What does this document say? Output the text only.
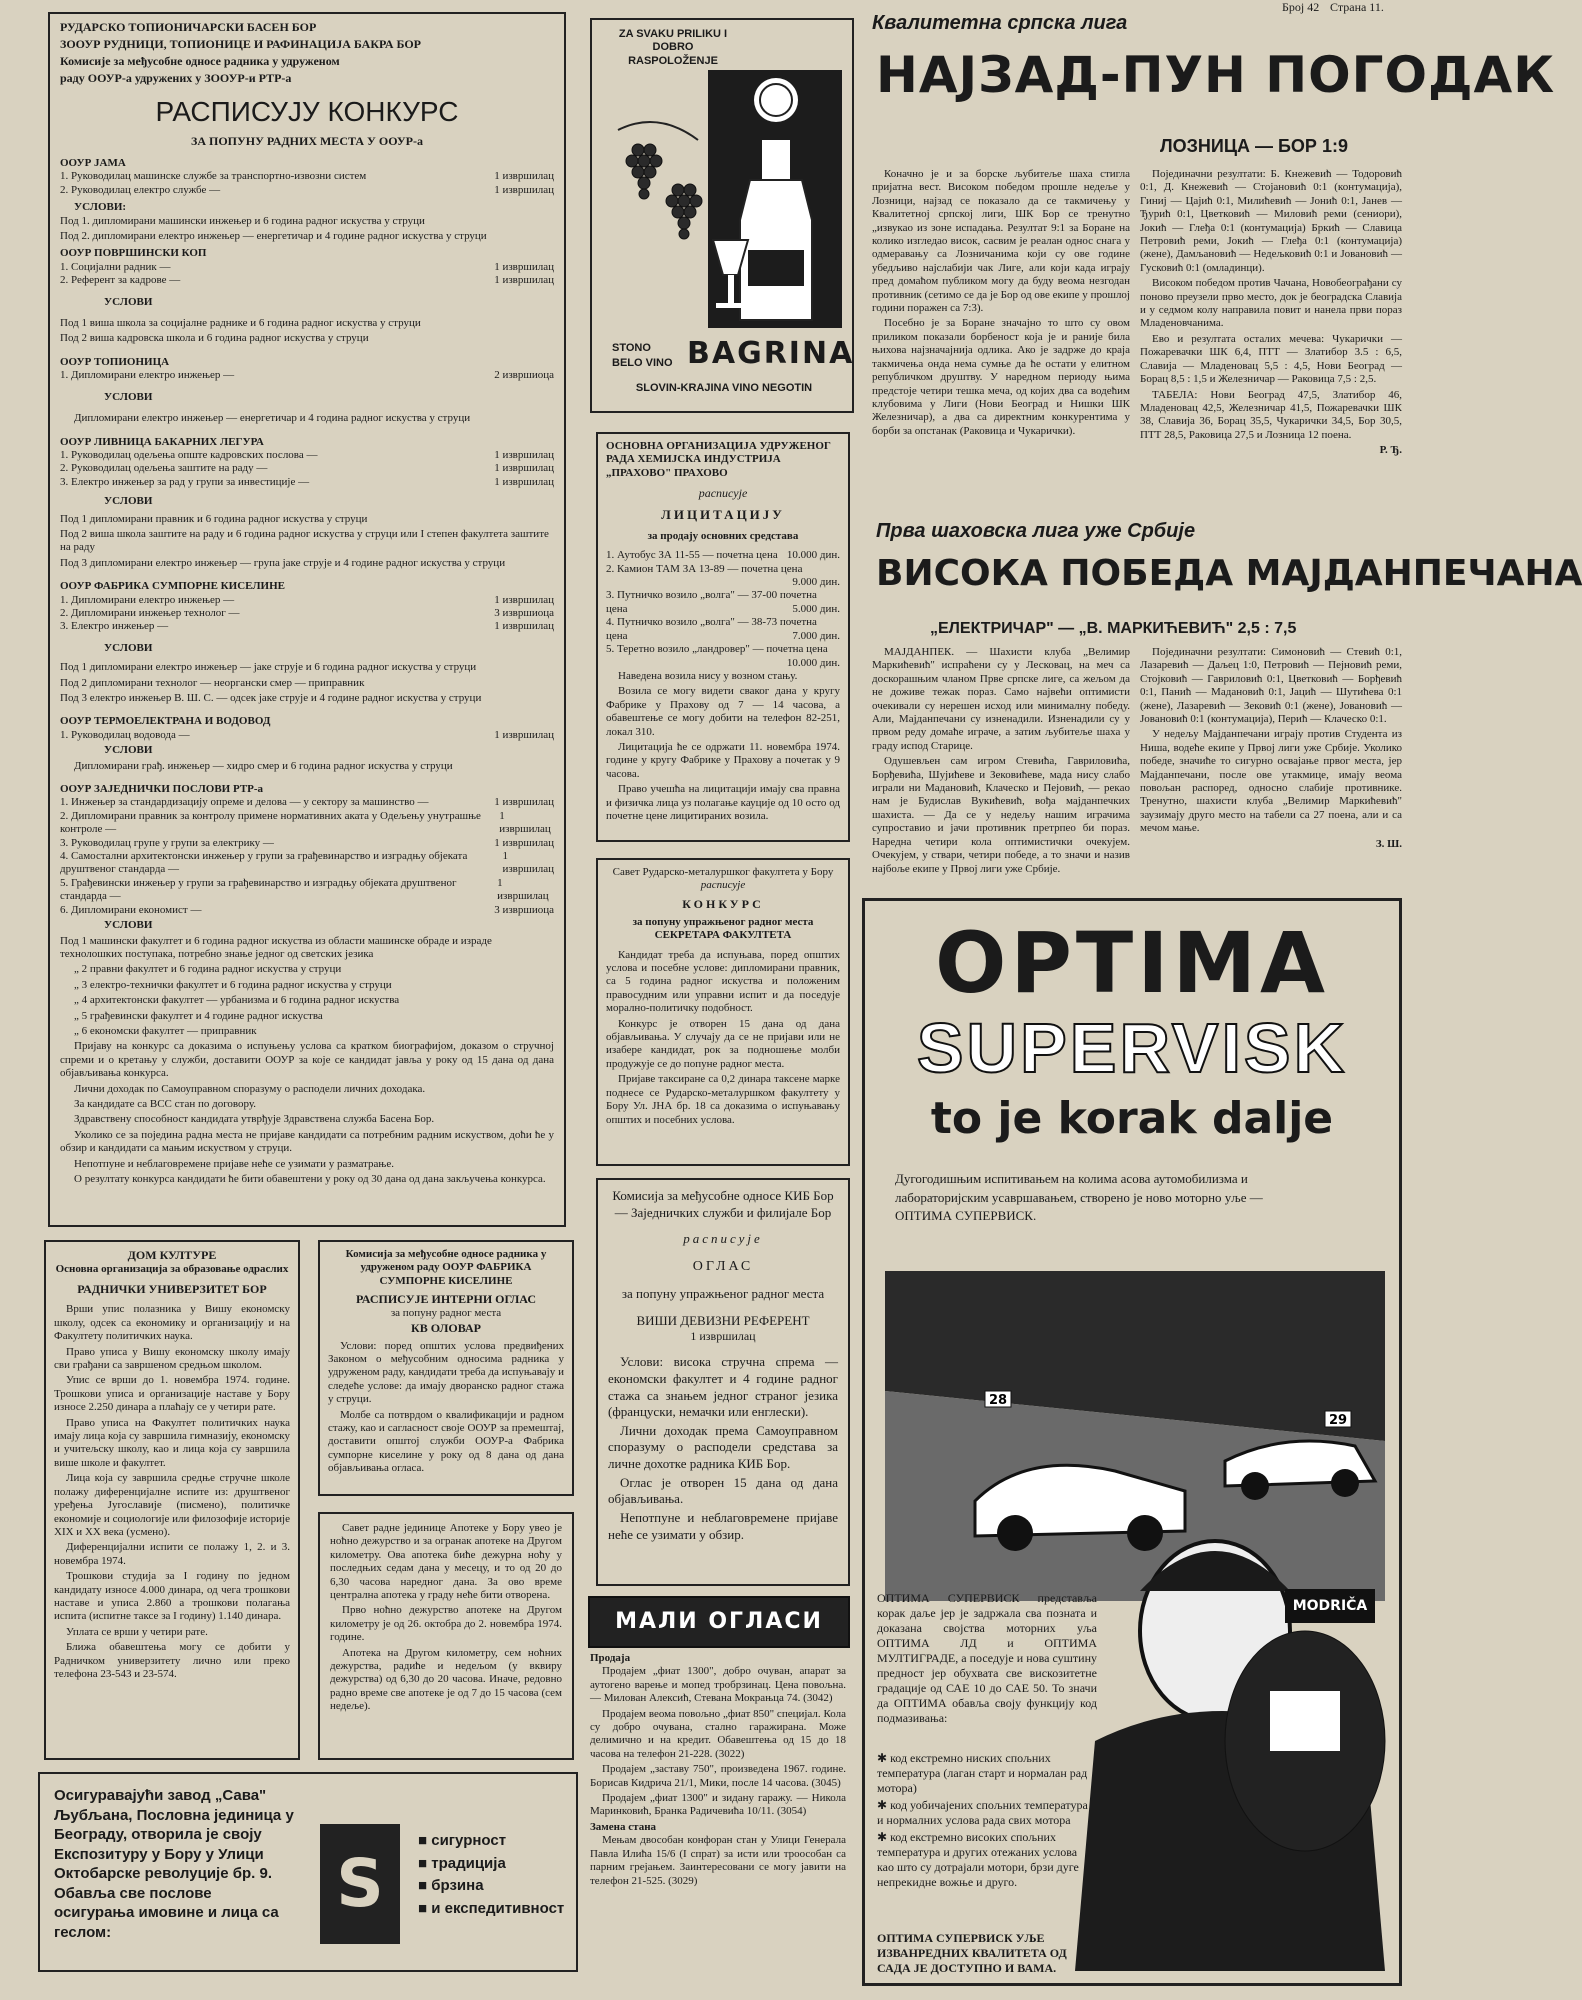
Број 42 Страна 11.

РУДАРСКО ТОПИОНИЧАРСКИ БАСЕН БОР

ЗООУР РУДНИЦИ, ТОПИОНИЦЕ И РАФИНАЦИЈА БАКРА БОР

Комисије за међусобне односе радника у удруженом

раду ООУР-а удружених у ЗООУР-и РТР-а

РАСПИСУЈУ КОНКУРС
ЗА ПОПУНУ РАДНИХ МЕСТА У ООУР-а
ООУР ЈАМА
1. Руководилац машинске службе за транспортно-извозни систем	1 извршилац
2. Руководилац електро службе —	1 извршилац
УСЛОВИ:

Под 1. дипломирани машински инжењер и 6 година радног искуства у струци

Под 2. дипломирани електро инжењер — енергетичар и 4 године радног искуства у струци

ООУР ПОВРШИНСКИ КОП
1. Социјални радник —	1 извршилац
2. Референт за кадрове —	1 извршилац
УСЛОВИ

Под 1 виша школа за социјалне раднике и 6 година радног искуства у струци

Под 2 виша кадровска школа и 6 година радног искуства у струци

ООУР ТОПИОНИЦА
1. Дипломирани електро инжењер —	2 извршиоца
УСЛОВИ

Дипломирани електро инжењер — енергетичар и 4 година радног искуства у струци

ООУР ЛИВНИЦА БАКАРНИХ ЛЕГУРА
1. Руководилац одељења опште кадровских послова —	1 извршилац
2. Руководилац одељења заштите на раду —	1 извршилац
3. Електро инжењер за рад у групи за инвестиције —	1 извршилац
УСЛОВИ

Под 1 дипломирани правник и 6 година радног искуства у струци

Под 2 виша школа заштите на раду и 6 година радног искуства у струци или I степен факултета заштите на раду

Под 3 дипломирани електро инжењер — група јаке струје и 4 године радног искуства у струци

ООУР ФАБРИКА СУМПОРНЕ КИСЕЛИНЕ
1. Дипломирани електро инжењер —	1 извршилац
2. Дипломирани инжењер технолог —	3 извршиоца
3. Електро инжењер —	1 извршилац
УСЛОВИ

Под 1 дипломирани електро инжењер — јаке струје и 6 година радног искуства у струци

Под 2 дипломирани технолог — неоргански смер — приправник

Под 3 електро инжењер В. Ш. С. — одсек јаке струје и 4 године радног искуства у струци

ООУР ТЕРМОЕЛЕКТРАНА И ВОДОВОД
1. Руководилац водовода —	1 извршилац
УСЛОВИ

Дипломирани грађ. инжењер — хидро смер и 6 година радног искуства у струци

ООУР ЗАЈЕДНИЧКИ ПОСЛОВИ РТР-а
1. Инжењер за стандардизацију опреме и делова — у сектору за машинство —	1 извршилац
2. Дипломирани правник за контролу примене нормативних аката у Одељењу унутрашње контроле —
1 извршилац
3. Руководилац групе у групи за електрику —	1 извршилац
4. Самостални архитектонски инжењер у групи за грађевинарство и изградњу објеката друштвеног стандарда —
1 извршилац
5. Грађевински инжењер у групи за грађевинарство и изградњу објеката друштвеног стандарда —
1 извршилац
6. Дипломирани економист —	3 извршиоца
УСЛОВИ

Под 1 машински факултет и 6 година радног искуства из области машинске обраде и израде технолошких поступака, потребно знање једног од светских језика

„ 2 правни факултет и 6 година радног искуства у струци

„ 3 електро-технички факултет и 6 година радног искуства у струци

„ 4 архитектонски факултет — урбанизма и 6 година радног искуства

„ 5 грађевински факултет и 4 године радног искуства

„ 6 економски факултет — приправник

Пријаву на конкурс са доказима о испуњењу услова са кратком биографијом, доказом о стручној спреми и о кретању у служби, доставити ООУР за које се кандидат јавља у року од 15 дана од дана објављивања конкурса.

Лични доходак по Самоуправном споразуму о расподели личних доходака.

За кандидате са ВСС стан по договору.

Здравствену способност кандидата утврђује Здравствена служба Басена Бор.

Уколико се за поједина радна места не пријаве кандидати са потребним радним искуством, доћи ће у обзир и кандидати са мањим искуством у струци.

Непотпуне и неблаговремене пријаве неће се узимати у разматрање.

О резултату конкурса кандидати ће бити обавештени у року од 30 дана од дана закључења конкурса.

ZA SVAKU PRILIKU I DOBRO RASPOLOŽENJE
STONO
BELO VINO BAGRINA
SLOVIN-KRAJINA VINO NEGOTIN
ОСНОВНА ОРГАНИЗАЦИЈА УДРУЖЕНОГ РАДА ХЕМИЈСКА ИНДУСТРИЈА „ПРАХОВО" ПРАХОВО
расписује
ЛИЦИТАЦИЈУ
за продају основних средстава
1. Аутобус ЗА 11-55 — почетна цена 10.000 дин.
2. Камион ТАМ ЗА 13-89 — почетна цена
9.000 дин.
3. Путничко возило „волга" — 37-00 почетна цена	5.000 дин.
4. Путничко возило „волга" — 38-73 почетна цена	7.000 дин.
5. Теретно возило „ландровер" — почетна цена
10.000 дин.

Наведена возила нису у возном стању.

Возила се могу видети сваког дана у кругу Фабрике у Прахову од 7 — 14 часова, а обавештење се могу добити на телефон 82-251, локал 310.

Лицитација ће се одржати 11. новембра 1974. године у кругу Фабрике у Прахову а почетак у 9 часова.

Право учешћа на лицитацији имају сва правна и физичка лица уз полагање кауције од 10 осто од почетне цене лицитираних возила.

Савет Рударско-металуршког факултета у Бору
расписује
КОНКУРС
за попуну упражњеног радног места СЕКРЕТАРА ФАКУЛТЕТА

Кандидат треба да испуњава, поред општих услова и посебне услове: дипломирани правник, са 5 година радног искуства и положеним правосудним или управни испит и да поседује морално-политичку подобност.

Конкурс је отворен 15 дана од дана објављивања. У случају да се не пријави или не изабере кандидат, рок за подношење молби продужује се до попуне радног места.

Пријаве таксиране са 0,2 динара таксене марке поднесе се Рударско-металуршком факултету у Бору Ул. ЈНА бр. 18 са доказима о испуњавању општих и посебних услова.

Комисија за међусобне односе КИБ Бор — Заједничких служби и филијале Бор
расписује
ОГЛАС
за попуну упражњеног радног места
ВИШИ ДЕВИЗНИ РЕФЕРЕНТ
1 извршилац

Услови: висока стручна спрема — економски факултет и 4 године радног стажа са знањем једног страног језика (француски, немачки или енглески).

Лични доходак према Самоуправном споразуму о расподели средстава за личне дохотке радника КИБ Бор.

Оглас је отворен 15 дана од дана објављивања.

Непотпуне и неблаговремене пријаве неће се узимати у обзир.

Квалитетна српска лига
НАЈЗАД-ПУН ПОГОДАК
ЛОЗНИЦА — БОР 1:9

Коначно је и за борске љубитеље шаха стигла пријатна вест. Високом победом прошле недеље у Лозници, најзад се показало да се такмичењу у Квалитетној српској лиги, ШК Бор се тренутно „извукао из зоне испадања. Резултат 9:1 за Боране на колико изгледао висок, сасвим је реалан однос снага у одмеравању са Лозничанима који су ове године убедљиво најслабији чак Лиге, али који када играју пред домаћом публиком могу да буду веома незгодан противник (сетимо се да је Бор од ове екипе у прошлој години поражен са 7:3).

Посебно је за Боране значајно то што су овом приликом показали борбеност која је и раније била њихова најзначајнија одлика. Ако је задрже до краја такмичења онда нема сумње да ће остати у елитном републичком друштву. У наредном периоду њима предстоје четири тешка меча, од којих два са водећим клубовима у Лиги (Нови Београд и Нишки ШК Железничар), а два са директним конкурентима у борби за опстанак (Раковица и Чукарички).

Појединачни резултати: Б. Кнежевић — Тодоровић 0:1, Д. Кнежевић — Стојановић 0:1 (контумација), Гиниј — Цајић 0:1, Милићевић — Јонић 0:1, Јанев — Ђурић 0:1, Цветковић — Миловић реми (сениори), Јокић — Глеђа 0:1 (контумација) Бркић — Славица Петровић реми, Јокић — Глеђа 0:1 (контумација) (жене), Дамљановић — Недељковић 0:1 и Јовановић — Гусковић 0:1 (омладинци).

Високом победом против Чачана, Новобеограђани су поново преузели прво место, док је београдска Славија и у седмом колу направила повит и нанела први пораз Младеновчанима.

Ево и резултата осталих мечева: Чукарички — Пожаревачки ШК 6,4, ПТТ — Златибор 3.5 : 6,5, Славија — Младеновац 5,5 : 4,5, Нови Београд — Борац 8,5 : 1,5 и Железничар — Раковица 7,5 : 2,5.

ТАБЕЛА: Нови Београд 47,5, Златибор 46, Младеновац 42,5, Железничар 41,5, Пожаревачки ШК 38, Славија 36, Борац 35,5, Чукарички 34,5, Бор 30,5, ПТТ 28,5, Раковица 27,5 и Лозница 12 поена.

Р. Ђ.

Прва шаховска лига уже Србије
ВИСОКА ПОБЕДА МАЈДАНПЕЧАНА
„ЕЛЕКТРИЧАР" — „В. МАРКИЋЕВИЋ" 2,5 : 7,5

МАЈДАНПЕК. — Шахисти клуба „Велимир Маркићевић" испраћени су у Лесковац, на меч са доскорашњим чланом Прве српске лиге, са жељом да не доживе тежак пораз. Само највећи оптимисти очекивали су нерешен исход или минималну победу. Али, Мајданпечани су изненадили. Изненадили су у првом реду домаће играче, а затим љубитеље шаха у граду испод Старице.

Одушевљен сам игром Стевића, Гавриловића, Борђевића, Шујићеве и Зековићеве, мада нису слабо играли ни Мадановић, Клаческо и Пејовић, — рекао нам је Будислав Вукићевић, вођа мајданпечких шахиста. — Да се у недељу нашим играчима супроставио и јачи противник претрпео би пораз. Наредна четири кола оптимистички очекујем. Очекујем, у ствари, четири победе, а то значи и назив најбоље екипе у Првој лиги уже Србије.

Појединачни резултати: Симоновић — Стевић 0:1, Лазаревић — Даљец 1:0, Петровић — Пејновић реми, Стојковић — Гавриловић 0:1, Цветковић — Борђевић 0:1, Панић — Мадановић 0:1, Јацић — Шутићева 0:1 (жене), Лазаревић — Зековић 0:1 (жене), Јовановић — Јовановић 0:1 (контумација), Перић — Клаческо 0:1.

У недељу Мајданпечани играју против Студента из Ниша, водеће екипе у Првој лиги уже Србије. Уколико победе, значиће то сигурно освајање првог места, јер Мајданпечани, после ове утакмице, имају веома повољан распоред, односно слабије противнике. Тренутно, шахисти клуба „Велимир Маркићевић" заузимају друго место на табели са 27 поена, али и са мечом мање.

З. Ш.

OPTIMA
SUPERVISK
to je korak dalje

Дугогодишњим испитивањем на колима асова аутомобилизма и

лабораторијским усавршавањем, створено је ново моторно уље —

ОПТИМА СУПЕРВИСК.

28
29
MODRIČA
ОПТИМА СУПЕРВИСК представља корак даље јер је задржала сва позната и доказана својства моторних уља ОПТИМА ЛД и ОПТИМА МУЛТИГРАДЕ, а поседује и нова суштину предност јер обухвата све вискозитетне градације од САЕ 10 до САЕ 50. То значи да ОПТИМА обавља своју функцију код подмазивања:

✱ код екстремно ниских спољних температура (лаган старт и нормалан рад мотора)

✱ код уобичајених спољних температура и нормалних услова рада свих мотора

✱ код екстремно високих спољних температура и других отежаних услова као што су дотрајали мотори, брзи дуге непрекидне вожње и друго.

ОПТИМА СУПЕРВИСК УЉЕ ИЗВАНРЕДНИХ КВАЛИТЕТА ОД САДА ЈЕ ДОСТУПНО И ВАМА.
ДОМ КУЛТУРЕ
Основна организација за образовање одраслих
РАДНИЧКИ УНИВЕРЗИТЕТ БОР

Врши упис полазника у Вишу економску школу, одсек са економику и организацију и на Факултету политичких наука.

Право уписа у Вишу економску школу имају сви грађани са завршеном средњом школом.

Упис се врши до 1. новембра 1974. године. Трошкови уписа и организације наставе у Бору износе 2.250 динара а плаћају се у четири рате.

Право уписа на Факултет политичких наука имају лица која су завршила гимназију, економску и учитељску школу, као и лица која су завршила више школе и факултет.

Лица која су завршила средње стручне школе полажу диференцијалне испите из: друштвеног уређења Југославије (писмено), политичке економије и социологије или филозофије историје XIX и XX века (усмено).

Диференцијални испити се полажу 1, 2. и 3. новембра 1974.

Трошкови студија за I годину по једном кандидату износе 4.000 динара, од чега трошкови наставе и уписа 2.860 а трошкови полагања испита (испитне таксе за I годину) 1.140 динара.

Уплата се врши у четири рате.

Ближа обавештења могу се добити у Радничком универзитету лично или преко телефона 23-543 и 23-574.

Комисија за међусобне односе радника у удруженом раду ООУР ФАБРИКА СУМПОРНЕ КИСЕЛИНЕ
РАСПИСУЈЕ ИНТЕРНИ ОГЛАС
за попуну радног места
КВ ОЛОВАР

Услови: поред општих услова предвиђених Законом о међусобним односима радника у удруженом раду, кандидати треба да испуњавају и следеће услове: да имају дворанско радног стажа у струци.

Молбе са потврдом о квалификацији и радном стажу, као и сагласност своје ООУР за премештај, доставити општој служби ООУР-а Фабрика сумпорне киселине у року од 8 дана од дана објављивања огласа.

Савет радне јединице Апотеке у Бору увео је ноћно дежурство и за огранак апотеке на Другом километру. Ова апотека биће дежурна ноћу у последњих седам дана у месецу, и то од 20 до 6,30 часова наредног дана. За ово време централна апотека у граду неће бити отворена.

Прво ноћно дежурство апотеке на Другом километру је од 26. октобра до 2. новембра 1974. године.

Апотека на Другом километру, сем ноћних дежурства, радиће и недељом (у вквиру дежурства) од 6,30 до 20 часова. Иначе, редовно радно време све апотеке је од 7 до 15 часова (сем недеље).

Осигуравајући завод „Сава" Љубљана, Пословна јединица у Београду, отворила је своју Експозитуру у Бору у Улици Октобарске револуције бр. 9. Обавља све послове осигурања имовине и лица са геслом:
S
■ сигурност
■ традиција
■ брзина
■ и експедитивност
МАЛИ ОГЛАСИ
Продаја

Продајем „фиат 1300", добро очуван, апарат за аутогено варење и мопед тробрзинац. Цена повољна. — Милован Алексић, Стевана Мокрањца 74. (3042)

Продајем веома повољно „фиат 850" специјал. Кола су добро очувана, стално гаражирана. Може делимично и на кредит. Обавештења од 15 до 18 часова на телефон 21-228. (3022)

Продајем „заставу 750", произведена 1967. године. Борисав Кидрича 21/1, Мики, после 14 часова. (3045)

Продајем „фиат 1300" и зидану гаражу. — Никола Маринковић, Бранка Радичевића 10/11. (3054)

Замена стана

Мењам двособан конфоран стан у Улици Генерала Павла Илића 15/6 (I спрат) за исти или троособан са парним грејањем. Заинтересовани се могу јавити на телефон 21-525. (3029)
